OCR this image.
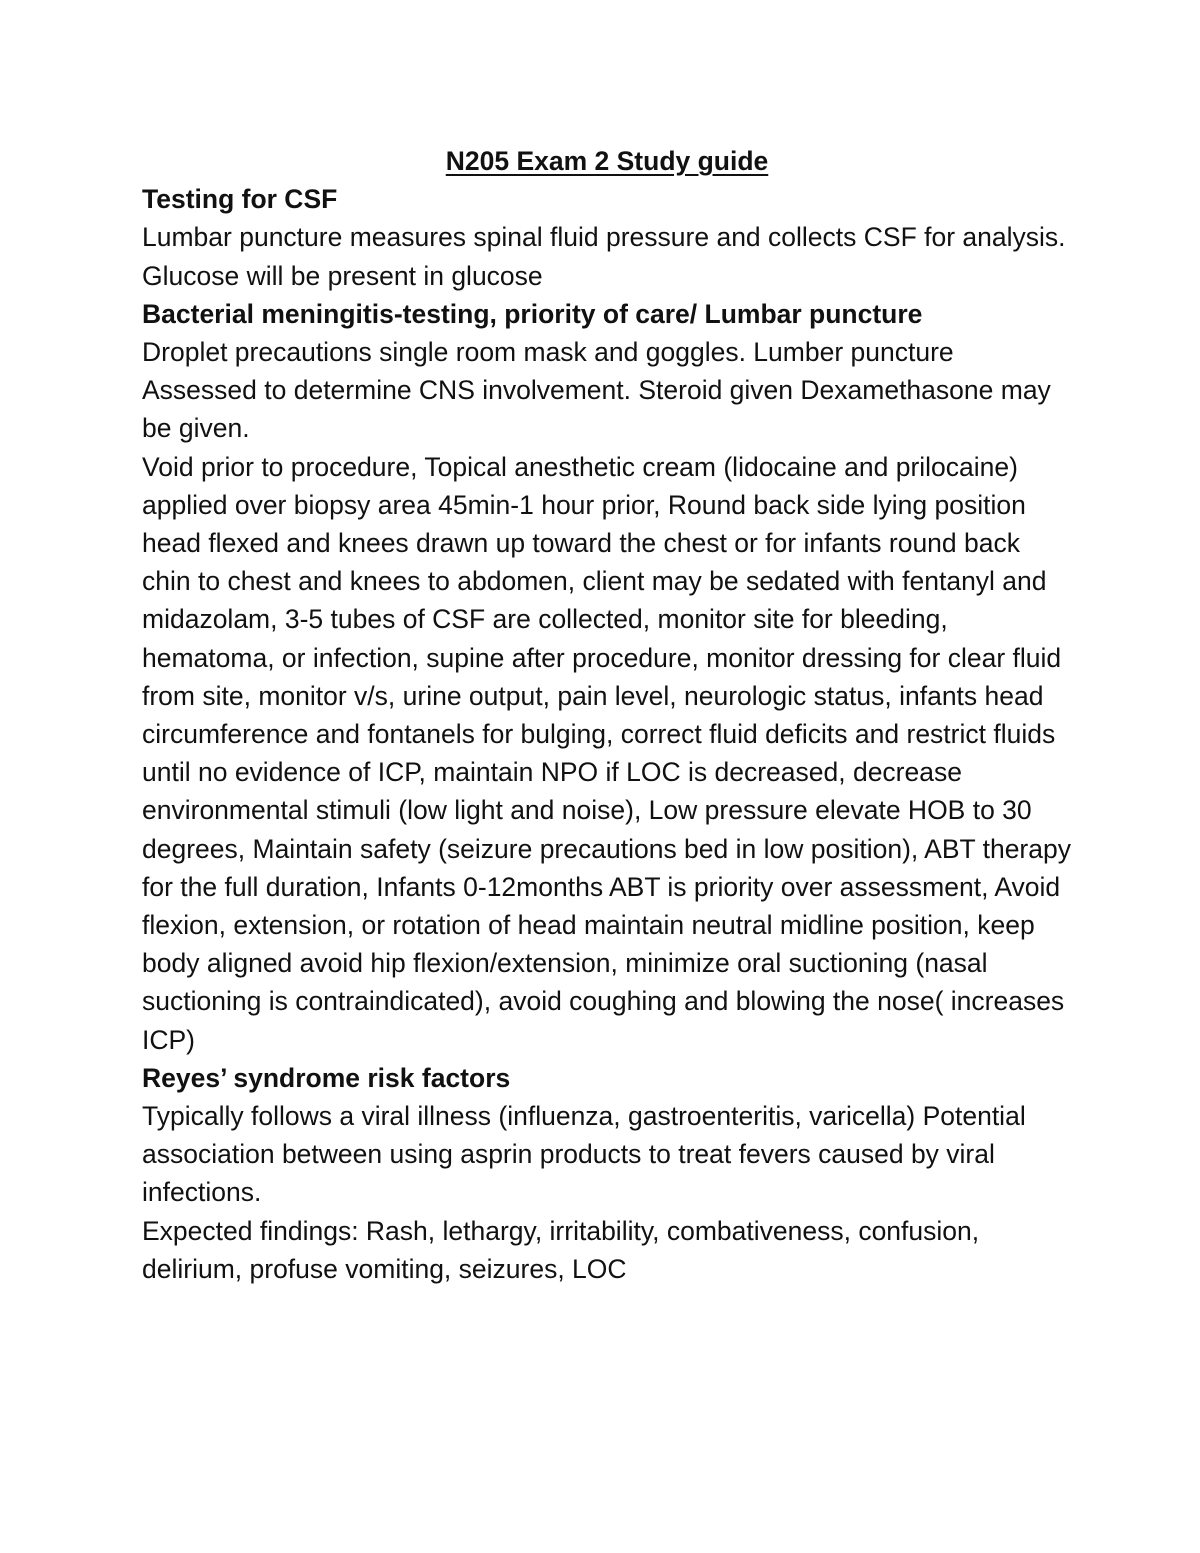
N205 Exam 2 Study guide

Testing for CSF

Lumbar puncture measures spinal fluid pressure and collects CSF for analysis. Glucose will be present in glucose

Bacterial meningitis-testing, priority of care/ Lumbar puncture

Droplet precautions single room mask and goggles. Lumber puncture Assessed to determine CNS involvement. Steroid given Dexamethasone may be given.

Void prior to procedure, Topical anesthetic cream (lidocaine and prilocaine) applied over biopsy area 45min-1 hour prior, Round back side lying position head flexed and knees drawn up toward the chest or for infants round back chin to chest and knees to abdomen, client may be sedated with fentanyl and midazolam, 3-5 tubes of CSF are collected, monitor site for bleeding, hematoma, or infection, supine after procedure, monitor dressing for clear fluid from site, monitor v/s, urine output, pain level, neurologic status, infants head circumference and fontanels for bulging, correct fluid deficits and restrict fluids until no evidence of ICP, maintain NPO if LOC is decreased, decrease environmental stimuli (low light and noise), Low pressure elevate HOB to 30 degrees, Maintain safety (seizure precautions bed in low position), ABT therapy for the full duration, Infants 0-12months ABT is priority over assessment, Avoid flexion, extension, or rotation of head maintain neutral midline position, keep body aligned avoid hip flexion/extension, minimize oral suctioning (nasal suctioning is contraindicated), avoid coughing and blowing the nose( increases ICP)

Reyes’ syndrome risk factors

Typically follows a viral illness (influenza, gastroenteritis, varicella) Potential association between using asprin products to treat fevers caused by viral infections.

Expected findings: Rash, lethargy, irritability, combativeness, confusion, delirium, profuse vomiting, seizures, LOC
